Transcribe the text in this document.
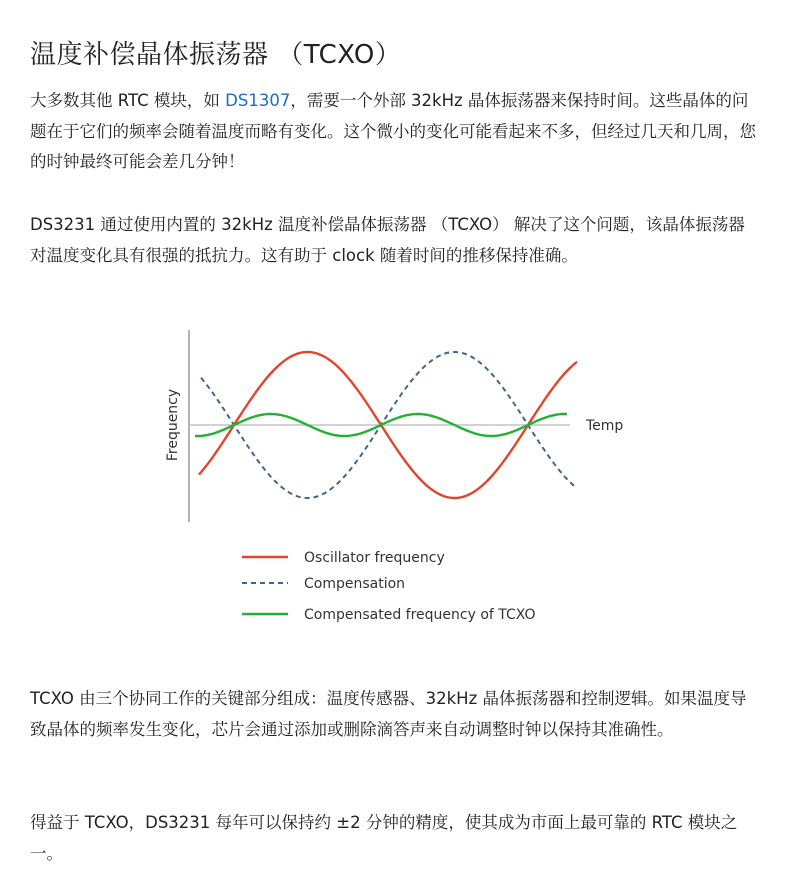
温度补偿晶体振荡器 （TCXO）

大多数其他 RTC 模块，如 DS1307，需要一个外部 32kHz 晶体振荡器来保持时间。这些晶体的问题在于它们的频率会随着温度而略有变化。这个微小的变化可能看起来不多，但经过几天和几周，您的时钟最终可能会差几分钟！

DS3231 通过使用内置的 32kHz 温度补偿晶体振荡器 （TCXO） 解决了这个问题，该晶体振荡器对温度变化具有很强的抵抗力。这有助于 clock 随着时间的推移保持准确。

Frequency	Temp
Oscillator frequency
Compensation
Compensated frequency of TCXO

TCXO 由三个协同工作的关键部分组成：温度传感器、32kHz 晶体振荡器和控制逻辑。如果温度导致晶体的频率发生变化，芯片会通过添加或删除滴答声来自动调整时钟以保持其准确性。

得益于 TCXO，DS3231 每年可以保持约 ±2 分钟的精度，使其成为市面上最可靠的 RTC 模块之一。
